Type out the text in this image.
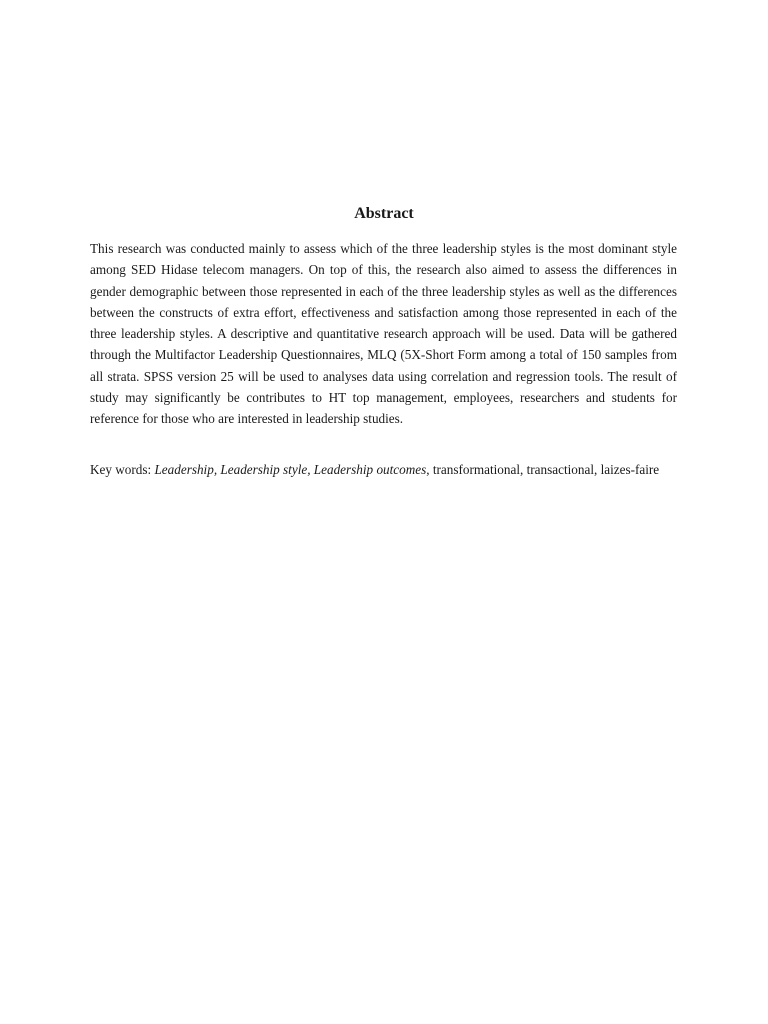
Abstract

This research was conducted mainly to assess which of the three leadership styles is the most dominant style among SED Hidase telecom managers. On top of this, the research also aimed to assess the differences in gender demographic between those represented in each of the three leadership styles as well as the differences between the constructs of extra effort, effectiveness and satisfaction among those represented in each of the three leadership styles. A descriptive and quantitative research approach will be used. Data will be gathered through the Multifactor Leadership Questionnaires, MLQ (5X-Short Form among a total of 150 samples from all strata. SPSS version 25 will be used to analyses data using correlation and regression tools. The result of study may significantly be contributes to HT top management, employees, researchers and students for reference for those who are interested in leadership studies.

Key words: Leadership, Leadership style, Leadership outcomes, transformational, transactional, laizes-faire
